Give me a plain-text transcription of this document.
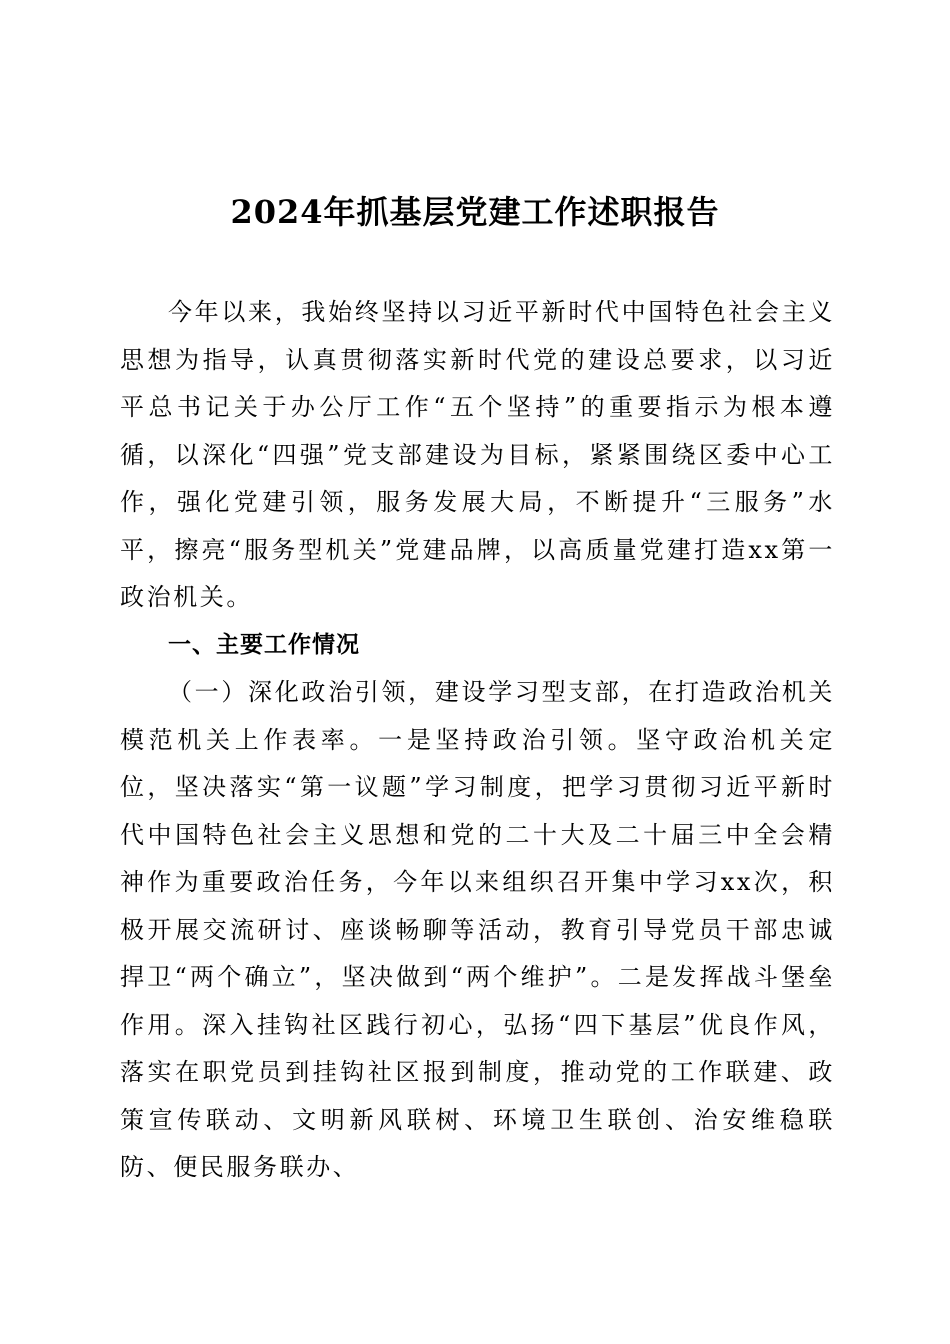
2024年抓基层党建工作述职报告

今年以来，我始终坚持以习近平新时代中国特色社会主义思想为指导，认真贯彻落实新时代党的建设总要求，以习近平总书记关于办公厅工作“五个坚持”的重要指示为根本遵循，以深化“四强”党支部建设为目标，紧紧围绕区委中心工作，强化党建引领，服务发展大局，不断提升“三服务”水平，擦亮“服务型机关”党建品牌，以高质量党建打造xx第一政治机关。

一、主要工作情况

（一）深化政治引领，建设学习型支部，在打造政治机关模范机关上作表率。一是坚持政治引领。坚守政治机关定位，坚决落实“第一议题”学习制度，把学习贯彻习近平新时代中国特色社会主义思想和党的二十大及二十届三中全会精神作为重要政治任务，今年以来组织召开集中学习xx次，积极开展交流研讨、座谈畅聊等活动，教育引导党员干部忠诚捍卫“两个确立”，坚决做到“两个维护”。二是发挥战斗堡垒作用。深入挂钩社区践行初心，弘扬“四下基层”优良作风，落实在职党员到挂钩社区报到制度，推动党的工作联建、政策宣传联动、文明新风联树、环境卫生联创、治安维稳联防、便民服务联办、
